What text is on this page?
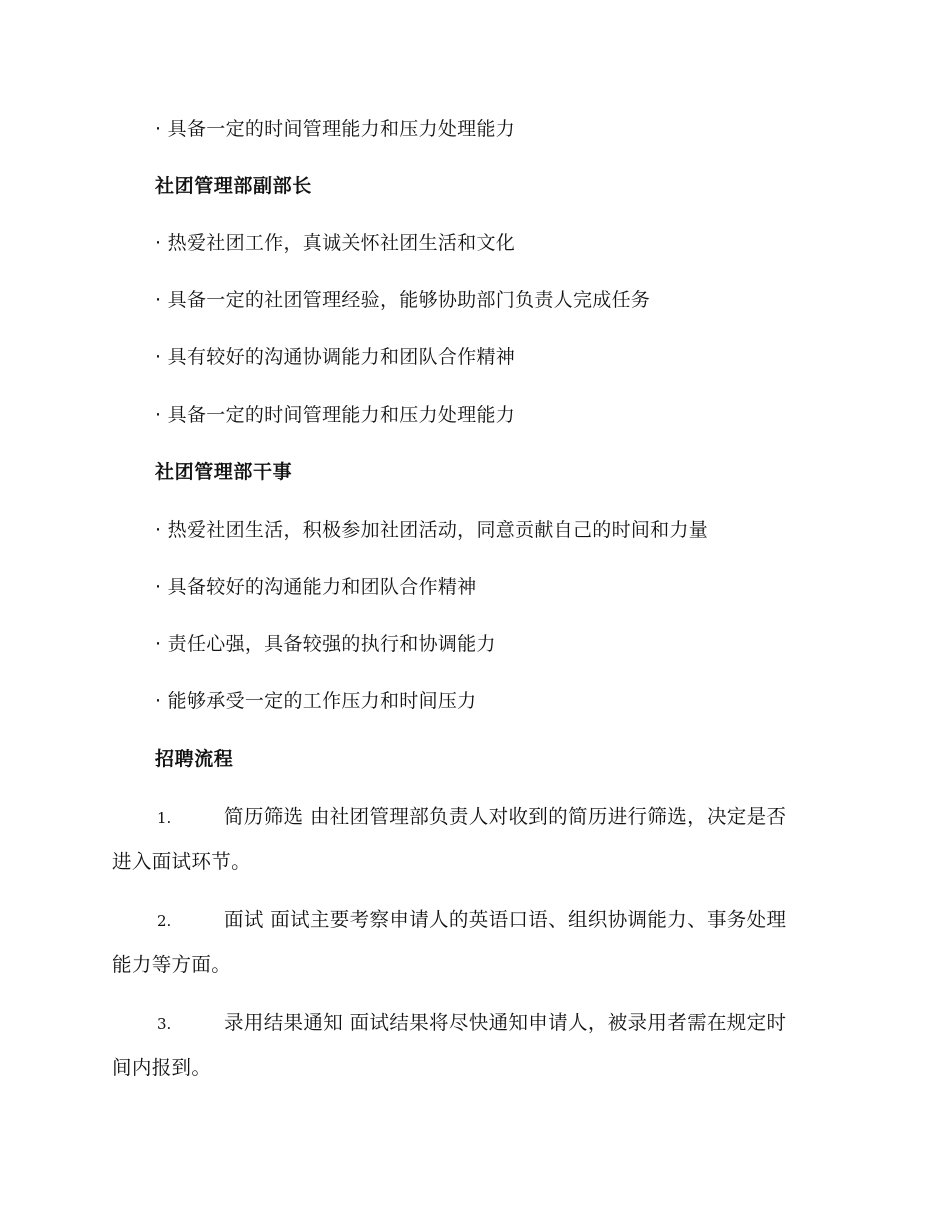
· 具备一定的时间管理能力和压力处理能力
社团管理部副部长
· 热爱社团工作，真诚关怀社团生活和文化
· 具备一定的社团管理经验，能够协助部门负责人完成任务
· 具有较好的沟通协调能力和团队合作精神
· 具备一定的时间管理能力和压力处理能力
社团管理部干事
· 热爱社团生活，积极参加社团活动，同意贡献自己的时间和力量
· 具备较好的沟通能力和团队合作精神
· 责任心强，具备较强的执行和协调能力
· 能够承受一定的工作压力和时间压力
招聘流程
1.	简历筛选 由社团管理部负责人对收到的简历进行筛选，决定是否
进入面试环节。
2.	面试 面试主要考察申请人的英语口语、组织协调能力、事务处理
能力等方面。
3.	录用结果通知 面试结果将尽快通知申请人，被录用者需在规定时
间内报到。
